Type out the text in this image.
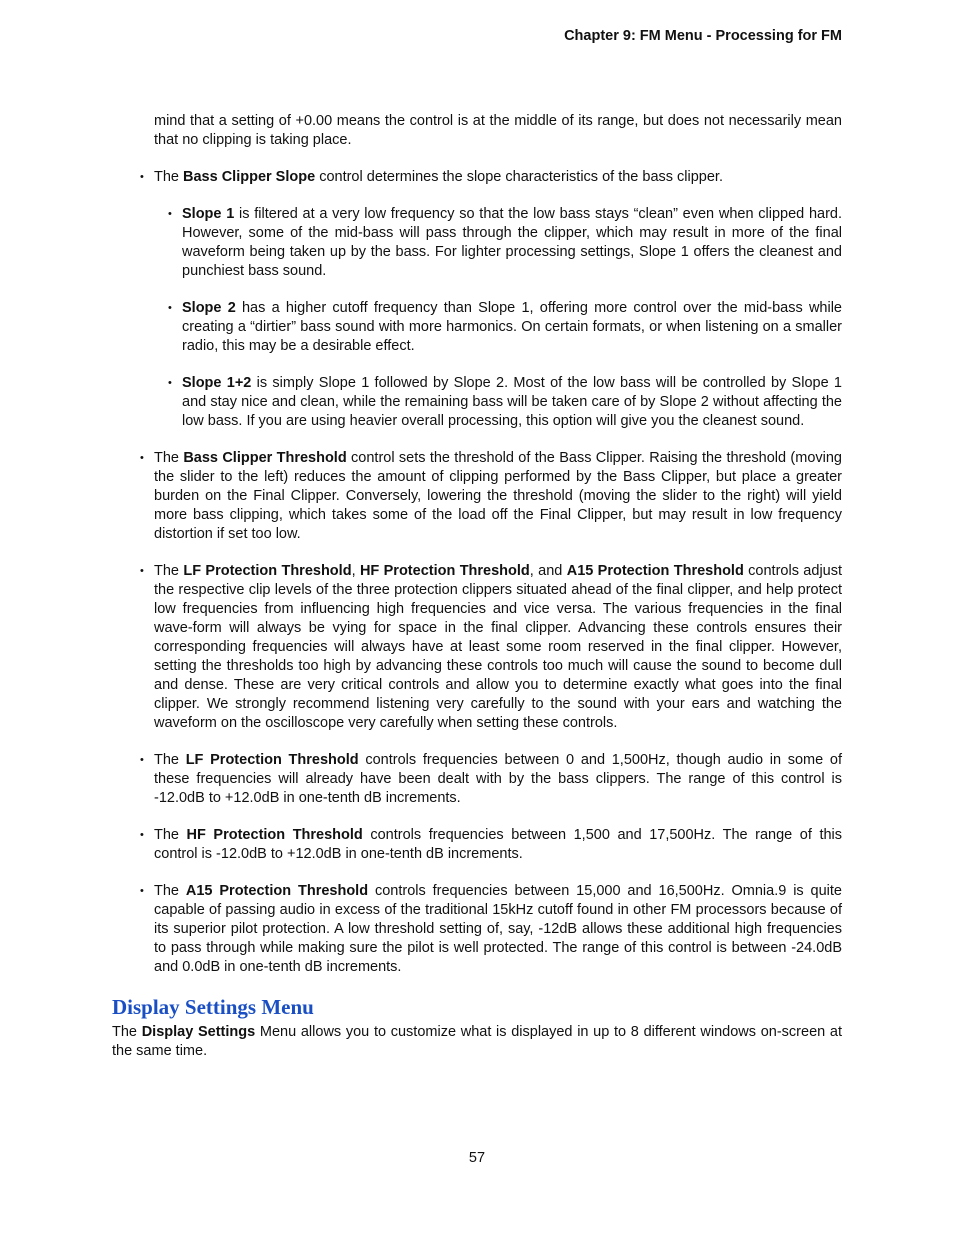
Chapter 9: FM Menu - Processing for FM

mind that a setting of +0.00 means the control is at the middle of its range, but does not necessarily mean that no clipping is taking place.

• The Bass Clipper Slope control determines the slope characteristics of the bass clipper.

• Slope 1 is filtered at a very low frequency so that the low bass stays “clean” even when clipped hard. However, some of the mid-bass will pass through the clipper, which may result in more of the final waveform being taken up by the bass. For lighter processing settings, Slope 1 offers the cleanest and punchiest bass sound.

• Slope 2 has a higher cutoff frequency than Slope 1, offering more control over the mid-bass while creating a “dirtier” bass sound with more harmonics. On certain formats, or when listening on a smaller radio, this may be a desirable effect.

• Slope 1+2 is simply Slope 1 followed by Slope 2. Most of the low bass will be controlled by Slope 1 and stay nice and clean, while the remaining bass will be taken care of by Slope 2 without affecting the low bass. If you are using heavier overall processing, this option will give you the cleanest sound.

• The Bass Clipper Threshold control sets the threshold of the Bass Clipper. Raising the threshold (moving the slider to the left) reduces the amount of clipping performed by the Bass Clipper, but place a greater burden on the Final Clipper. Conversely, lowering the threshold (moving the slider to the right) will yield more bass clipping, which takes some of the load off the Final Clipper, but may result in low frequency distortion if set too low.

• The LF Protection Threshold, HF Protection Threshold, and A15 Protection Threshold controls adjust the respective clip levels of the three protection clippers situated ahead of the final clipper, and help protect low frequencies from influencing high frequencies and vice versa. The various frequencies in the final wave-form will always be vying for space in the final clipper. Advancing these controls ensures their corresponding frequencies will always have at least some room reserved in the final clipper. However, setting the thresholds too high by advancing these controls too much will cause the sound to become dull and dense. These are very critical controls and allow you to determine exactly what goes into the final clipper. We strongly recommend listening very carefully to the sound with your ears and watching the waveform on the oscilloscope very carefully when setting these controls.

• The LF Protection Threshold controls frequencies between 0 and 1,500Hz, though audio in some of these frequencies will already have been dealt with by the bass clippers. The range of this control is -12.0dB to +12.0dB in one-tenth dB increments.

• The HF Protection Threshold controls frequencies between 1,500 and 17,500Hz. The range of this control is -12.0dB to +12.0dB in one-tenth dB increments.

• The A15 Protection Threshold controls frequencies between 15,000 and 16,500Hz. Omnia.9 is quite capable of passing audio in excess of the traditional 15kHz cutoff found in other FM processors because of its superior pilot protection. A low threshold setting of, say, -12dB allows these additional high frequencies to pass through while making sure the pilot is well protected. The range of this control is between -24.0dB and 0.0dB in one-tenth dB increments.

Display Settings Menu

The Display Settings Menu allows you to customize what is displayed in up to 8 different windows on-screen at the same time.

57
